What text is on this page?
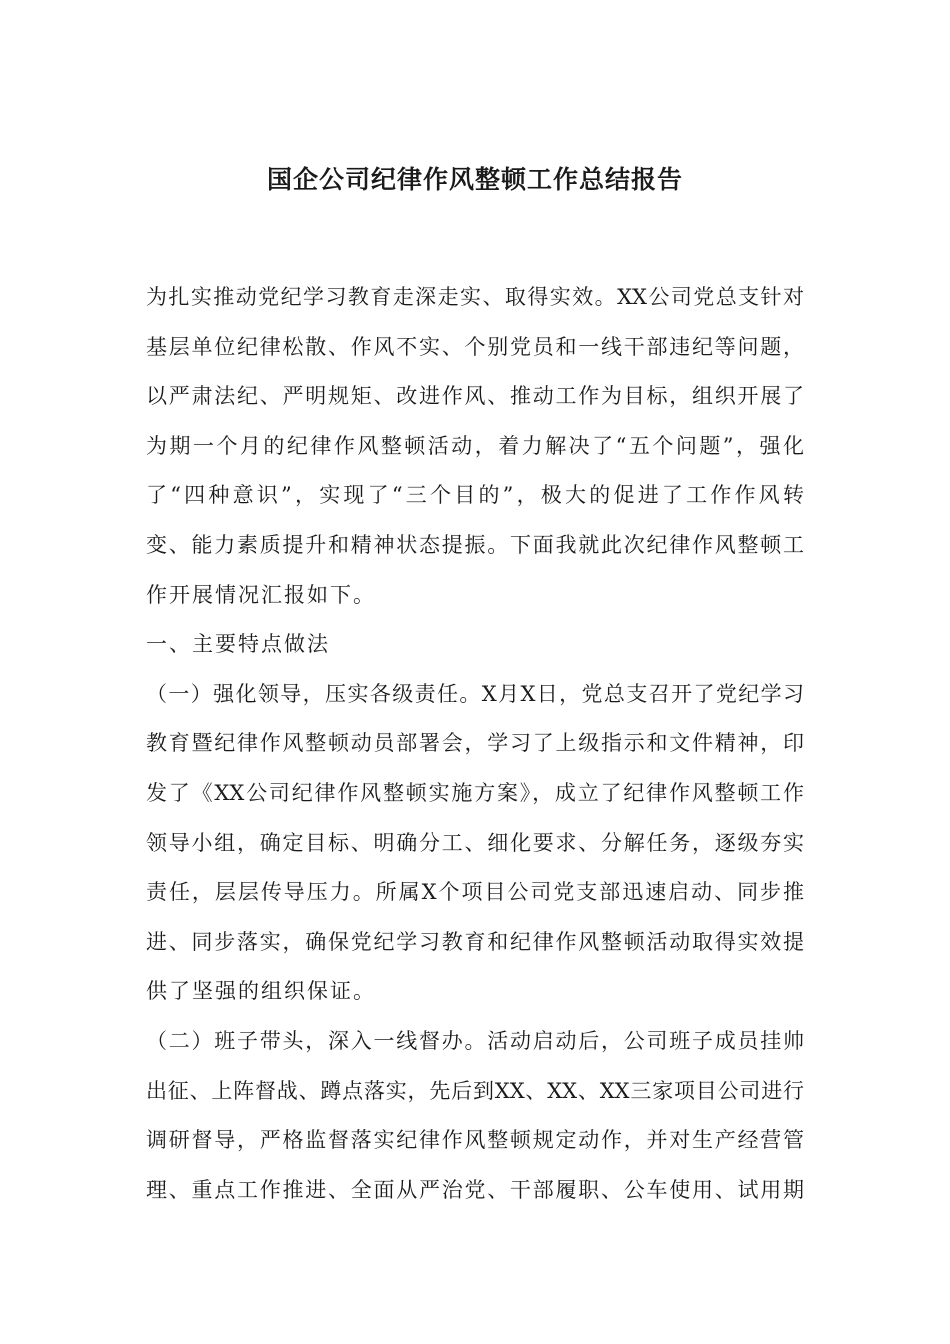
国企公司纪律作风整顿工作总结报告
为扎实推动党纪学习教育走深走实、取得实效。XX公司党总支针对
基层单位纪律松散、作风不实、个别党员和一线干部违纪等问题，
以严肃法纪、严明规矩、改进作风、推动工作为目标，组织开展了
为期一个月的纪律作风整顿活动，着力解决了“五个问题”，强化
了“四种意识”，实现了“三个目的”，极大的促进了工作作风转
变、能力素质提升和精神状态提振。下面我就此次纪律作风整顿工
作开展情况汇报如下。
一、主要特点做法
（一）强化领导，压实各级责任。X月X日，党总支召开了党纪学习
教育暨纪律作风整顿动员部署会，学习了上级指示和文件精神，印
发了《XX公司纪律作风整顿实施方案》，成立了纪律作风整顿工作
领导小组，确定目标、明确分工、细化要求、分解任务，逐级夯实
责任，层层传导压力。所属X个项目公司党支部迅速启动、同步推
进、同步落实，确保党纪学习教育和纪律作风整顿活动取得实效提
供了坚强的组织保证。
（二）班子带头，深入一线督办。活动启动后，公司班子成员挂帅
出征、上阵督战、蹲点落实，先后到XX、XX、XX三家项目公司进行
调研督导，严格监督落实纪律作风整顿规定动作，并对生产经营管
理、重点工作推进、全面从严治党、干部履职、公车使用、试用期
